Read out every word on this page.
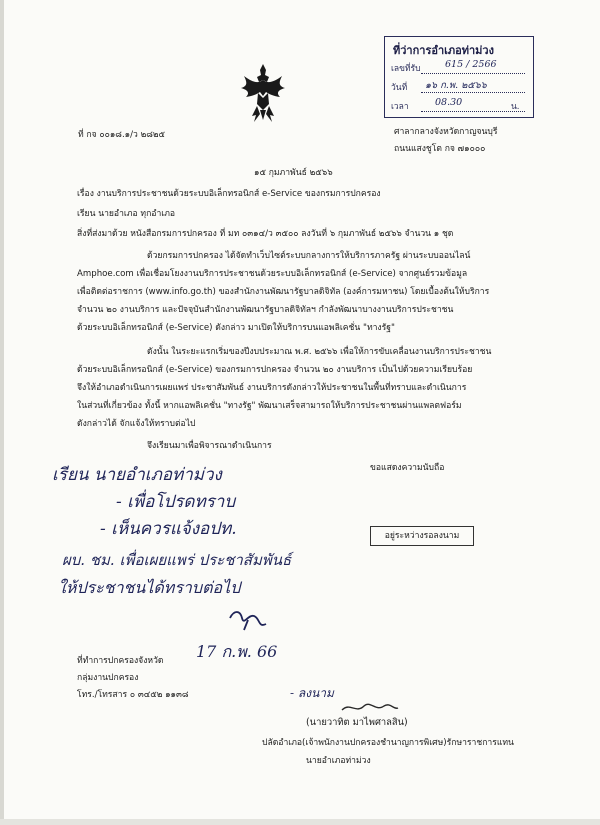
ที่ว่าการอำเภอท่าม่วง
เลขที่รับ	615 / 2566
วันที่ ๑๖ ก.พ. ๒๕๖๖
เวลา	08.30	น.
ที่ กจ ๐๐๑๘.๑/ว ๒๘๒๕	ศาลากลางจังหวัดกาญจนบุรี
ถนนแสงชูโต กจ ๗๑๐๐๐
๑๕ กุมภาพันธ์ ๒๕๖๖
เรื่อง งานบริการประชาชนด้วยระบบอิเล็กทรอนิกส์ e-Service ของกรมการปกครอง
เรียน นายอำเภอ ทุกอำเภอ
สิ่งที่ส่งมาด้วย หนังสือกรมการปกครอง ที่ มท ๐๓๑๔/ว ๓๕๐๐ ลงวันที่ ๖ กุมภาพันธ์ ๒๕๖๖ จำนวน ๑ ชุด
ด้วยกรมการปกครอง ได้จัดทำเว็บไซต์ระบบกลางการให้บริการภาครัฐ ผ่านระบบออนไลน์
Amphoe.com เพื่อเชื่อมโยงงานบริการประชาชนด้วยระบบอิเล็กทรอนิกส์ (e-Service) จากศูนย์รวมข้อมูล
เพื่อติดต่อราชการ (www.info.go.th) ของสำนักงานพัฒนารัฐบาลดิจิทัล (องค์การมหาชน) โดยเบื้องต้นให้บริการ
จำนวน ๒๐ งานบริการ และปัจจุบันสำนักงานพัฒนารัฐบาลดิจิทัลฯ กำลังพัฒนาบางงานบริการประชาชน
ด้วยระบบอิเล็กทรอนิกส์ (e-Service) ดังกล่าว มาเปิดให้บริการบนแอพลิเคชั่น "ทางรัฐ"
ดังนั้น ในระยะแรกเริ่มของปีงบประมาณ พ.ศ. ๒๕๖๖ เพื่อให้การขับเคลื่อนงานบริการประชาชน
ด้วยระบบอิเล็กทรอนิกส์ (e-Service) ของกรมการปกครอง จำนวน ๒๐ งานบริการ เป็นไปด้วยความเรียบร้อย
จึงให้อำเภอดำเนินการเผยแพร่ ประชาสัมพันธ์ งานบริการดังกล่าวให้ประชาชนในพื้นที่ทราบและดำเนินการ
ในส่วนที่เกี่ยวข้อง ทั้งนี้ หากแอพลิเคชั่น "ทางรัฐ" พัฒนาเสร็จสามารถให้บริการประชาชนผ่านแพลตฟอร์ม
ดังกล่าวได้ จักแจ้งให้ทราบต่อไป
จึงเรียนมาเพื่อพิจารณาดำเนินการ
ขอแสดงความนับถือ
เรียน นายอำเภอท่าม่วง
- เพื่อโปรดทราบ
- เห็นควรแจ้งอปท.
ผบ. ชม. เพื่อเผยแพร่ ประชาสัมพันธ์
ให้ประชาชนได้ทราบต่อไป
อยู่ระหว่างรอลงนาม
17 ก.พ. 66
- ลงนาม
ที่ทำการปกครองจังหวัด
กลุ่มงานปกครอง
โทร./โทรสาร ๐ ๓๔๕๒ ๑๑๓๘
(นายวาทิต มาไพศาลสิน)
ปลัดอำเภอ(เจ้าพนักงานปกครองชำนาญการพิเศษ)รักษาราชการแทน
นายอำเภอท่าม่วง
